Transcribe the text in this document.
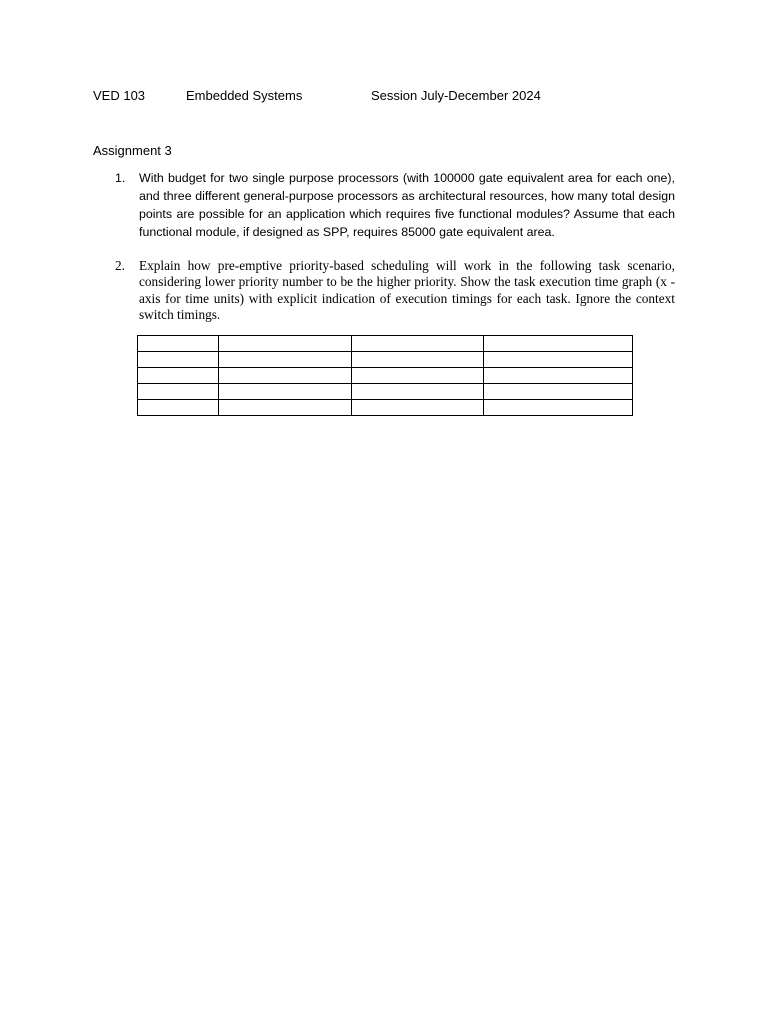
VED 103	Embedded Systems	Session July-December 2024
Assignment 3
1. With budget for two single purpose processors (with 100000 gate equivalent area for each one), and three different general-purpose processors as architectural resources, how many total design points are possible for an application which requires five functional modules? Assume that each functional module, if designed as SPP, requires 85000 gate equivalent area.
2. Explain how pre-emptive priority-based scheduling will work in the following task scenario, considering lower priority number to be the higher priority. Show the task execution time graph (x -axis for time units) with explicit indication of execution timings for each task. Ignore the context switch timings.
